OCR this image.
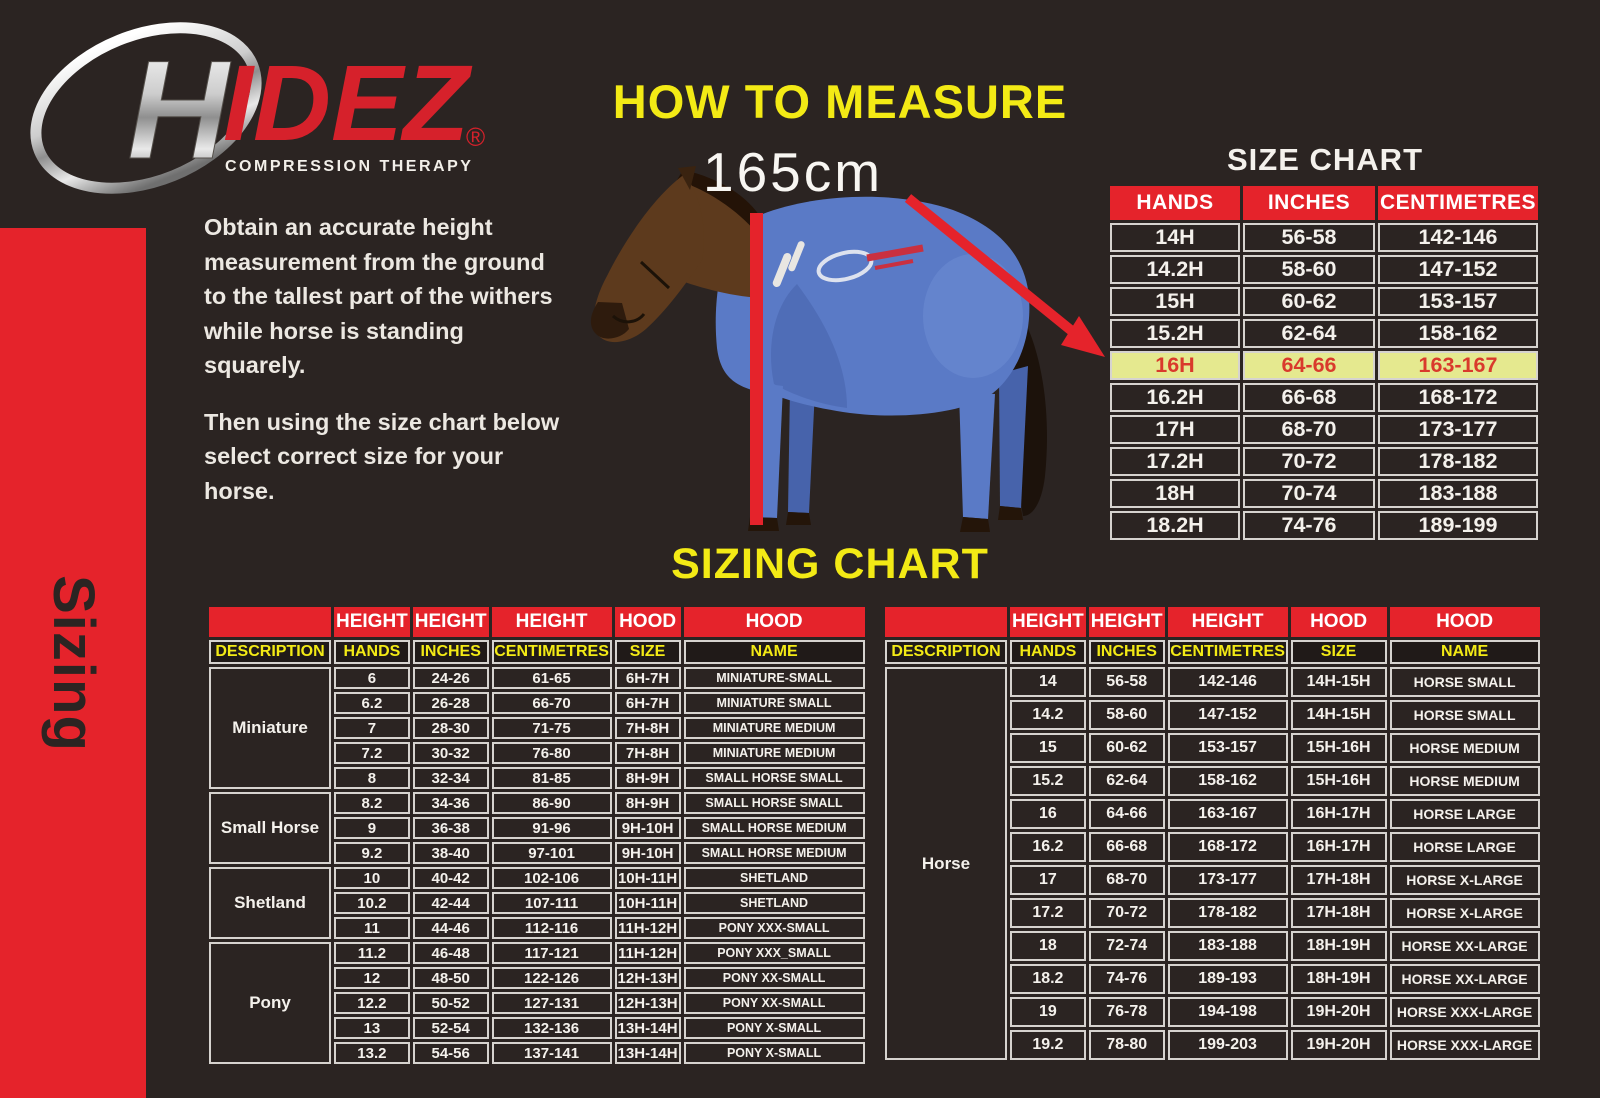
H
IDEZ
®
COMPRESSION THERAPY
Sizing

Obtain an accurate height measurement from the ground to the tallest part of the withers while horse is standing squarely.

Then using the size chart below select correct size for your horse.

HOW TO MEASURE
SIZE CHART
SIZING CHART
165cm	HANDS	INCHES	CENTIMETRES
14H	56-58	142-146
14.2H	58-60	147-152
15H	60-62	153-157
15.2H	62-64	158-162
16H	64-66	163-167
16.2H	66-68	168-172
17H	68-70	173-177
17.2H	70-72	178-182
18H	70-74	183-188
18.2H	74-76	189-199
	HEIGHT	HEIGHT	HEIGHT	HOOD	HOOD
DESCRIPTION	HANDS	INCHES	CENTIMETRES	SIZE	NAME
Miniature	6	24-26	61-65	6H-7H	MINIATURE-SMALL
	6.2	26-28	66-70	6H-7H	MINIATURE SMALL
	7	28-30	71-75	7H-8H	MINIATURE MEDIUM
	7.2	30-32	76-80	7H-8H	MINIATURE MEDIUM
	8	32-34	81-85	8H-9H	SMALL HORSE SMALL
Small Horse	8.2	34-36	86-90	8H-9H	SMALL HORSE SMALL
	9	36-38	91-96	9H-10H	SMALL HORSE MEDIUM
	9.2	38-40	97-101	9H-10H	SMALL HORSE MEDIUM
Shetland	10	40-42	102-106	10H-11H	SHETLAND
	10.2	42-44	107-111	10H-11H	SHETLAND
	11	44-46	112-116	11H-12H	PONY XXX-SMALL
Pony	11.2	46-48	117-121	11H-12H	PONY XXX_SMALL
	12	48-50	122-126	12H-13H	PONY XX-SMALL
	12.2	50-52	127-131	12H-13H	PONY XX-SMALL
	13	52-54	132-136	13H-14H	PONY X-SMALL
	13.2	54-56	137-141	13H-14H	PONY X-SMALL
	HEIGHT	HEIGHT	HEIGHT	HOOD	HOOD
DESCRIPTION	HANDS	INCHES	CENTIMETRES	SIZE	NAME
Horse	14	56-58	142-146	14H-15H	HORSE SMALL
	14.2	58-60	147-152	14H-15H	HORSE SMALL
	15	60-62	153-157	15H-16H	HORSE MEDIUM
	15.2	62-64	158-162	15H-16H	HORSE MEDIUM
	16	64-66	163-167	16H-17H	HORSE LARGE
	16.2	66-68	168-172	16H-17H	HORSE LARGE
	17	68-70	173-177	17H-18H	HORSE X-LARGE
	17.2	70-72	178-182	17H-18H	HORSE X-LARGE
	18	72-74	183-188	18H-19H	HORSE XX-LARGE
	18.2	74-76	189-193	18H-19H	HORSE XX-LARGE
	19	76-78	194-198	19H-20H	HORSE XXX-LARGE
	19.2	78-80	199-203	19H-20H	HORSE XXX-LARGE
